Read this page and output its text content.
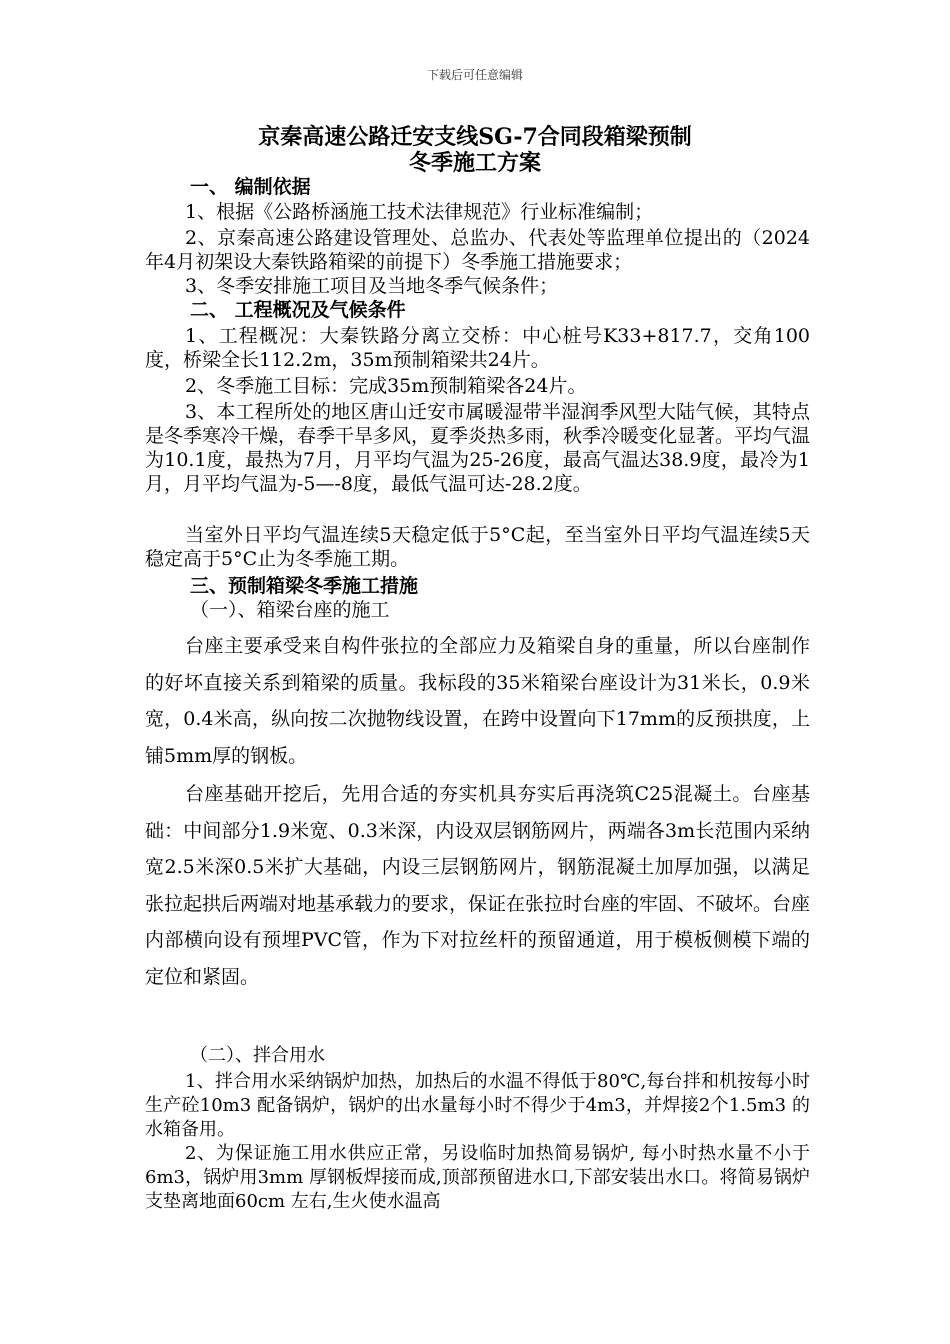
下载后可任意编辑
京秦高速公路迁安支线SG-7合同段箱梁预制
冬季施工方案
一、 编制依据
1、根据《公路桥涵施工技术法律规范》行业标准编制；
2、京秦高速公路建设管理处、总监办、代表处等监理单位提出的（2024年4月初架设大秦铁路箱梁的前提下）冬季施工措施要求；
3、冬季安排施工项目及当地冬季气候条件；
二、 工程概况及气候条件
1、工程概况：大秦铁路分离立交桥：中心桩号K33+817.7，交角100度，桥梁全长112.2m，35m预制箱梁共24片。
2、冬季施工目标：完成35m预制箱梁各24片。
3、本工程所处的地区唐山迁安市属暖湿带半湿润季风型大陆气候，其特点是冬季寒冷干燥，春季干旱多风，夏季炎热多雨，秋季冷暖变化显著。平均气温为10.1度，最热为7月，月平均气温为25-26度，最高气温达38.9度，最冷为1月，月平均气温为-5—-8度，最低气温可达-28.2度。
当室外日平均气温连续5天稳定低于5°C起，至当室外日平均气温连续5天稳定高于5°C止为冬季施工期。
三、预制箱梁冬季施工措施
（一）、箱梁台座的施工
台座主要承受来自构件张拉的全部应力及箱梁自身的重量，所以台座制作的好坏直接关系到箱梁的质量。我标段的35米箱梁台座设计为31米长，0.9米宽，0.4米高，纵向按二次抛物线设置，在跨中设置向下17mm的反预拱度，上铺5mm厚的钢板。
台座基础开挖后，先用合适的夯实机具夯实后再浇筑C25混凝土。台座基础：中间部分1.9米宽、0.3米深，内设双层钢筋网片，两端各3m长范围内采纳宽2.5米深0.5米扩大基础，内设三层钢筋网片，钢筋混凝土加厚加强，以满足张拉起拱后两端对地基承载力的要求，保证在张拉时台座的牢固、不破坏。台座内部横向设有预埋PVC管，作为下对拉丝杆的预留通道，用于模板侧模下端的定位和紧固。
（二）、拌合用水
1、拌合用水采纳锅炉加热，加热后的水温不得低于80℃,每台拌和机按每小时生产砼10m3 配备锅炉，锅炉的出水量每小时不得少于4m3，并焊接2个1.5m3 的水箱备用。
2、为保证施工用水供应正常，另设临时加热简易锅炉, 每小时热水量不小于6m3，锅炉用3mm 厚钢板焊接而成,顶部预留进水口,下部安装出水口。将简易锅炉支垫离地面60cm 左右,生火使水温高
